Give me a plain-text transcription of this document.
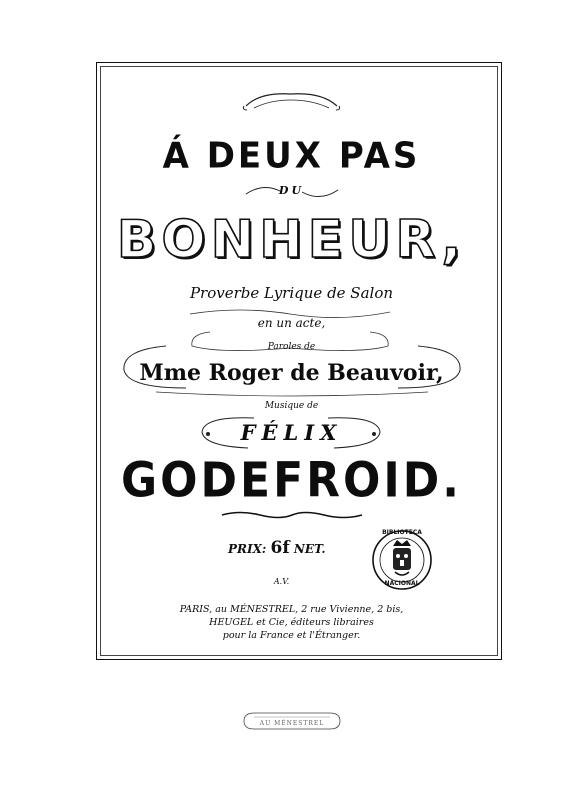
Á DEUX PAS
DU
BONHEUR,
Proverbe Lyrique de Salon
en un acte,
Paroles de
Mme Roger de Beauvoir,
Musique de
FÉLIX
GODEFROID.
PRIX: 6f NET.
A.V.
BIBLIOTECA
NACIONAL
PARIS, au MÉNESTREL, 2 rue Vivienne, 2 bis,
HEUGEL et Cie, éditeurs libraires
pour la France et l'Étranger.
AU MÉNESTREL
